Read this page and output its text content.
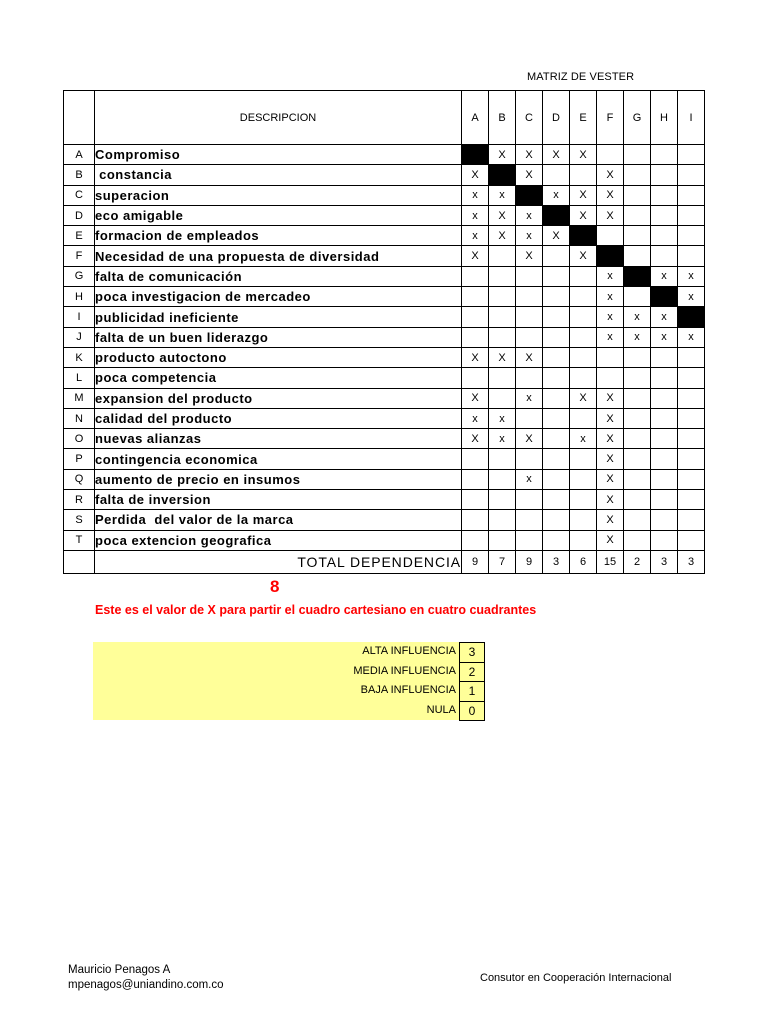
MATRIZ DE VESTER
	DESCRIPCION	A	B	C	D	E	F	G	H	I
A	Compromiso		X	X	X	X				
B	constancia	X		X			X			
C	superacion	x	x		x	X	X			
D	eco amigable	x	X	x		X	X			
E	formacion de empleados	x	X	x	X					
F	Necesidad de una propuesta de diversidad	X		X		X				
G	falta de comunicación						x		x	x
H	poca investigacion de mercadeo						x			x
I	publicidad ineficiente						x	x	x	
J	falta de un buen liderazgo						x	x	x	x
K	producto autoctono	X	X	X						
L	poca competencia									
M	expansion del producto	X		x		X	X			
N	calidad del producto	x	x				X			
O	nuevas alianzas	X	x	X		x	X			
P	contingencia economica						X			
Q	aumento de precio en insumos			x			X			
R	falta de inversion						X			
S	Perdida  del valor de la marca						X			
T	poca extencion geografica						X			
	TOTAL DEPENDENCIA	9	7	9	3	6	15	2	3	3
8
Este es el valor de X para partir el cuadro cartesiano en cuatro cuadrantes
ALTA INFLUENCIA	3
MEDIA INFLUENCIA	2
BAJA INFLUENCIA	1
NULA	0
Mauricio Penagos A
mpenagos@uniandino.com.co
Consutor en Cooperación Internacional
